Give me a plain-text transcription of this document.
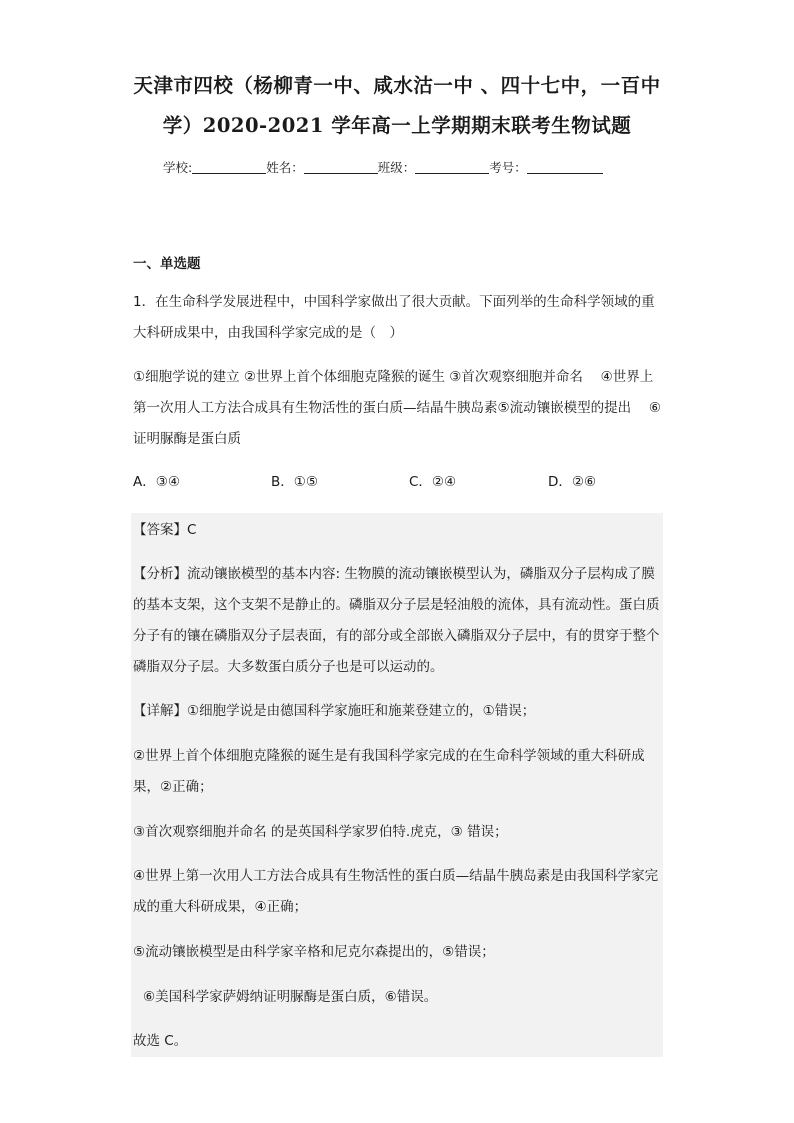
天津市四校（杨柳青一中、咸水沽一中 、四十七中，一百中
学）2020-2021 学年高一上学期期末联考生物试题
学校:	姓名：	班级：	考号：
一、单选题
1．在生命科学发展进程中，中国科学家做出了很大贡献。下面列举的生命科学领域的重大科研成果中，由我国科学家完成的是（　）
①细胞学说的建立 ②世界上首个体细胞克隆猴的诞生 ③首次观察细胞并命名　 ④世界上第一次用人工方法合成具有生物活性的蛋白质—结晶牛胰岛素⑤流动镶嵌模型的提出　 ⑥证明脲酶是蛋白质
A．③④	B．①⑤	C．②④	D．②⑥
【答案】C
【分析】流动镶嵌模型的基本内容: 生物膜的流动镶嵌模型认为，磷脂双分子层构成了膜的基本支架，这个支架不是静止的。磷脂双分子层是轻油般的流体，具有流动性。蛋白质分子有的镶在磷脂双分子层表面，有的部分或全部嵌入磷脂双分子层中，有的贯穿于整个磷脂双分子层。大多数蛋白质分子也是可以运动的。
【详解】①细胞学说是由德国科学家施旺和施莱登建立的，①错误；
②世界上首个体细胞克隆猴的诞生是有我国科学家完成的在生命科学领域的重大科研成果，②正确；
③首次观察细胞并命名 的是英国科学家罗伯特.虎克，③ 错误；
④世界上第一次用人工方法合成具有生物活性的蛋白质—结晶牛胰岛素是由我国科学家完成的重大科研成果，④正确；
⑤流动镶嵌模型是由科学家辛格和尼克尔森提出的，⑤错误；
⑥美国科学家萨姆纳证明脲酶是蛋白质，⑥错误。
故选 C。
